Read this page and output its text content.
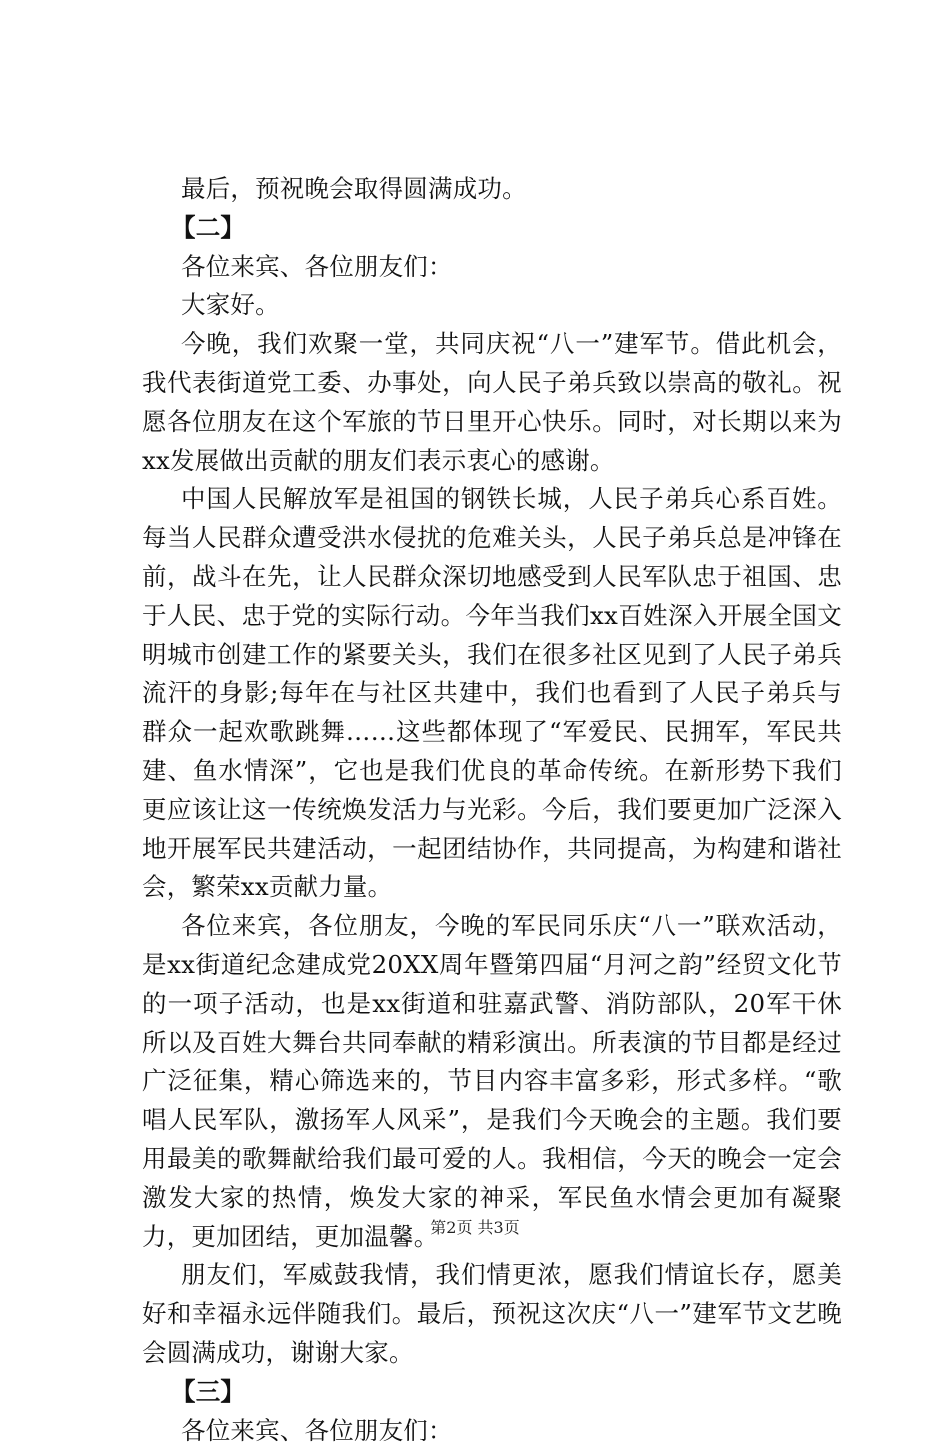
最后，预祝晚会取得圆满成功。

【二】

各位来宾、各位朋友们：

大家好。

今晚，我们欢聚一堂，共同庆祝“八一”建军节。借此机会，我代表街道党工委、办事处，向人民子弟兵致以崇高的敬礼。祝愿各位朋友在这个军旅的节日里开心快乐。同时，对长期以来为xx发展做出贡献的朋友们表示衷心的感谢。

中国人民解放军是祖国的钢铁长城，人民子弟兵心系百姓。每当人民群众遭受洪水侵扰的危难关头，人民子弟兵总是冲锋在前，战斗在先，让人民群众深切地感受到人民军队忠于祖国、忠于人民、忠于党的实际行动。今年当我们xx百姓深入开展全国文明城市创建工作的紧要关头，我们在很多社区见到了人民子弟兵流汗的身影;每年在与社区共建中，我们也看到了人民子弟兵与群众一起欢歌跳舞……这些都体现了“军爱民、民拥军，军民共建、鱼水情深”，它也是我们优良的革命传统。在新形势下我们更应该让这一传统焕发活力与光彩。今后，我们要更加广泛深入地开展军民共建活动，一起团结协作，共同提高，为构建和谐社会，繁荣xx贡献力量。

各位来宾，各位朋友，今晚的军民同乐庆“八一”联欢活动，是xx街道纪念建成党20XX周年暨第四届“月河之韵”经贸文化节的一项子活动，也是xx街道和驻嘉武警、消防部队，20军干休所以及百姓大舞台共同奉献的精彩演出。所表演的节目都是经过广泛征集，精心筛选来的，节目内容丰富多彩，形式多样。“歌唱人民军队，激扬军人风采”，是我们今天晚会的主题。我们要用最美的歌舞献给我们最可爱的人。我相信，今天的晚会一定会激发大家的热情，焕发大家的神采，军民鱼水情会更加有凝聚力，更加团结，更加温馨。

朋友们，军威鼓我情，我们情更浓，愿我们情谊长存，愿美好和幸福永远伴随我们。最后，预祝这次庆“八一”建军节文艺晚会圆满成功，谢谢大家。

【三】

各位来宾、各位朋友们：

第2页 共3页
